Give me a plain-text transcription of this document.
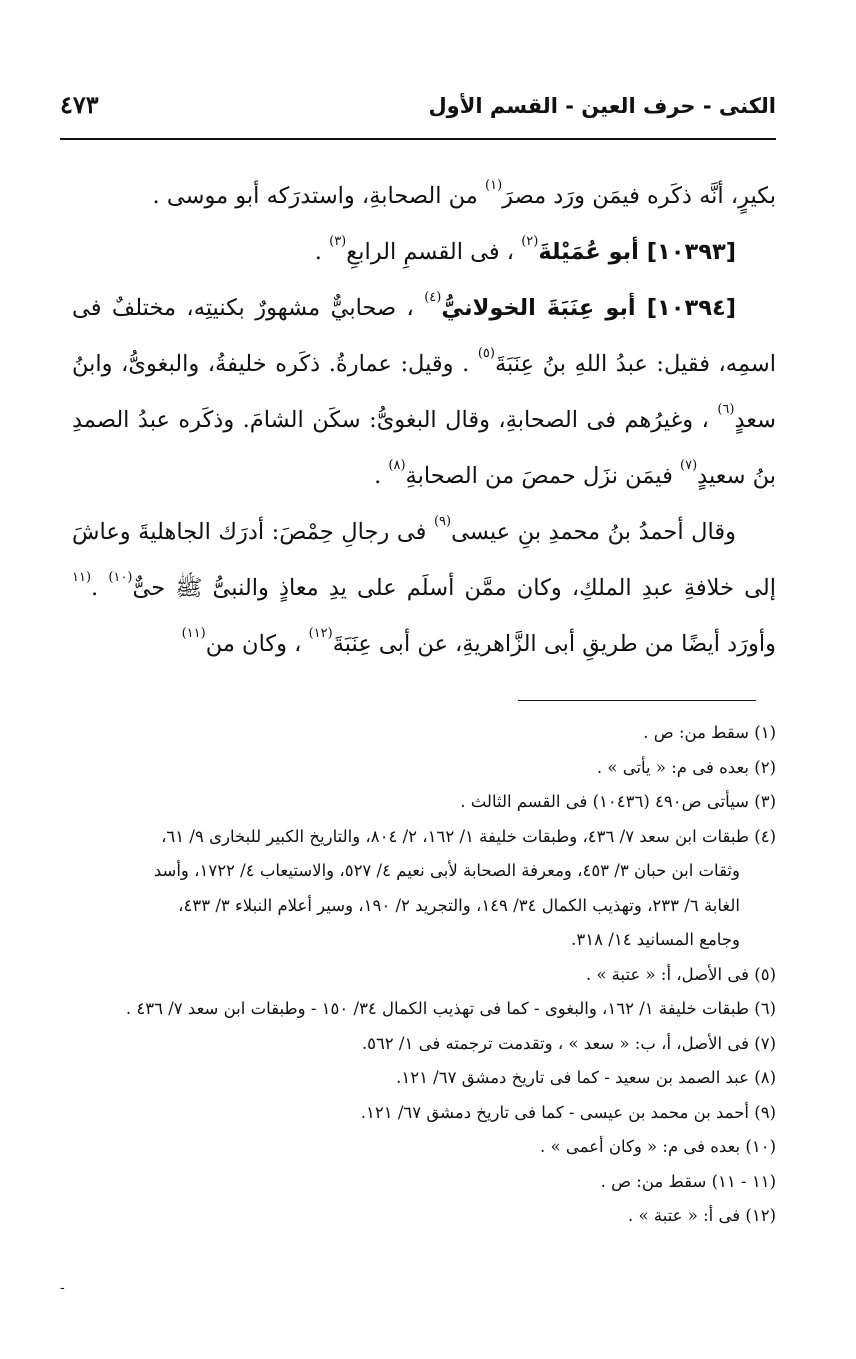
الكنى - حرف العين - القسم الأول
٤٧٣

بكيرٍ، أنَّه ذكَره فيمَن ورَد مصرَ$^{(١)}$ من الصحابةِ، واستدرَكه أبو موسى .

[١٠٣٩٣] أبو عُمَيْلةَ$^{(٢)}$ ، فى القسمِ الرابعِ$^{(٣)}$ .

[١٠٣٩٤] أبو عِنَبَةَ الخولانيُّ$^{(٤)}$ ، صحابيٌّ مشهورٌ بكنيتِه، مختلفٌ فى اسمِه، فقيل: عبدُ اللهِ بنُ عِنَبَةَ$^{(٥)}$ . وقيل: عمارةُ. ذكَره خليفةُ، والبغوىُّ، وابنُ سعدٍ$^{(٦)}$ ، وغيرُهم فى الصحابةِ، وقال البغوىُّ: سكَن الشامَ. وذكَره عبدُ الصمدِ بنُ سعيدٍ$^{(٧)}$ فيمَن نزَل حمصَ من الصحابةِ$^{(٨)}$ .

وقال أحمدُ بنُ محمدِ بنِ عيسى$^{(٩)}$ فى رجالِ حِمْصَ: أدرَك الجاهليةَ وعاشَ إلى خلافةِ عبدِ الملكِ، وكان ممَّن أسلَم على يدِ معاذٍ والنبىُّ ﷺ حىٌّ$^{(١٠)}$ .$^{(١١}$ وأورَد أيضًا من طريقِ أبى الزَّاهريةِ، عن أبى عِنَبَةَ$^{(١٢)}$ ، وكان من$^{(١١)}$

(١) سقط من: ص .

(٢) بعده فى م: « يأتى » .

(٣) سيأتى ص٤٩٠ (١٠٤٣٦) فى القسم الثالث .

(٤) طبقات ابن سعد ٧/ ٤٣٦، وطبقات خليفة ١/ ١٦٢، ٢/ ٨٠٤، والتاريخ الكبير للبخارى ٩/ ٦١،

وثقات ابن حبان ٣/ ٤٥٣، ومعرفة الصحابة لأبى نعيم ٤/ ٥٢٧، والاستيعاب ٤/ ١٧٢٢، وأسد

الغابة ٦/ ٢٣٣، وتهذيب الكمال ٣٤/ ١٤٩، والتجريد ٢/ ١٩٠، وسير أعلام النبلاء ٣/ ٤٣٣،

وجامع المسانيد ١٤/ ٣١٨.

(٥) فى الأصل، أ: « عتبة » .

(٦) طبقات خليفة ١/ ١٦٢، والبغوى - كما فى تهذيب الكمال ٣٤/ ١٥٠ - وطبقات ابن سعد ٧/ ٤٣٦ .

(٧) فى الأصل، أ، ب: « سعد » ، وتقدمت ترجمته فى ١/ ٥٦٢.

(٨) عبد الصمد بن سعيد - كما فى تاريخ دمشق ٦٧/ ١٢١.

(٩) أحمد بن محمد بن عيسى - كما فى تاريخ دمشق ٦٧/ ١٢١.

(١٠) بعده فى م: « وكان أعمى » .

(١١ - ١١) سقط من: ص .

(١٢) فى أ: « عتبة » .

-
